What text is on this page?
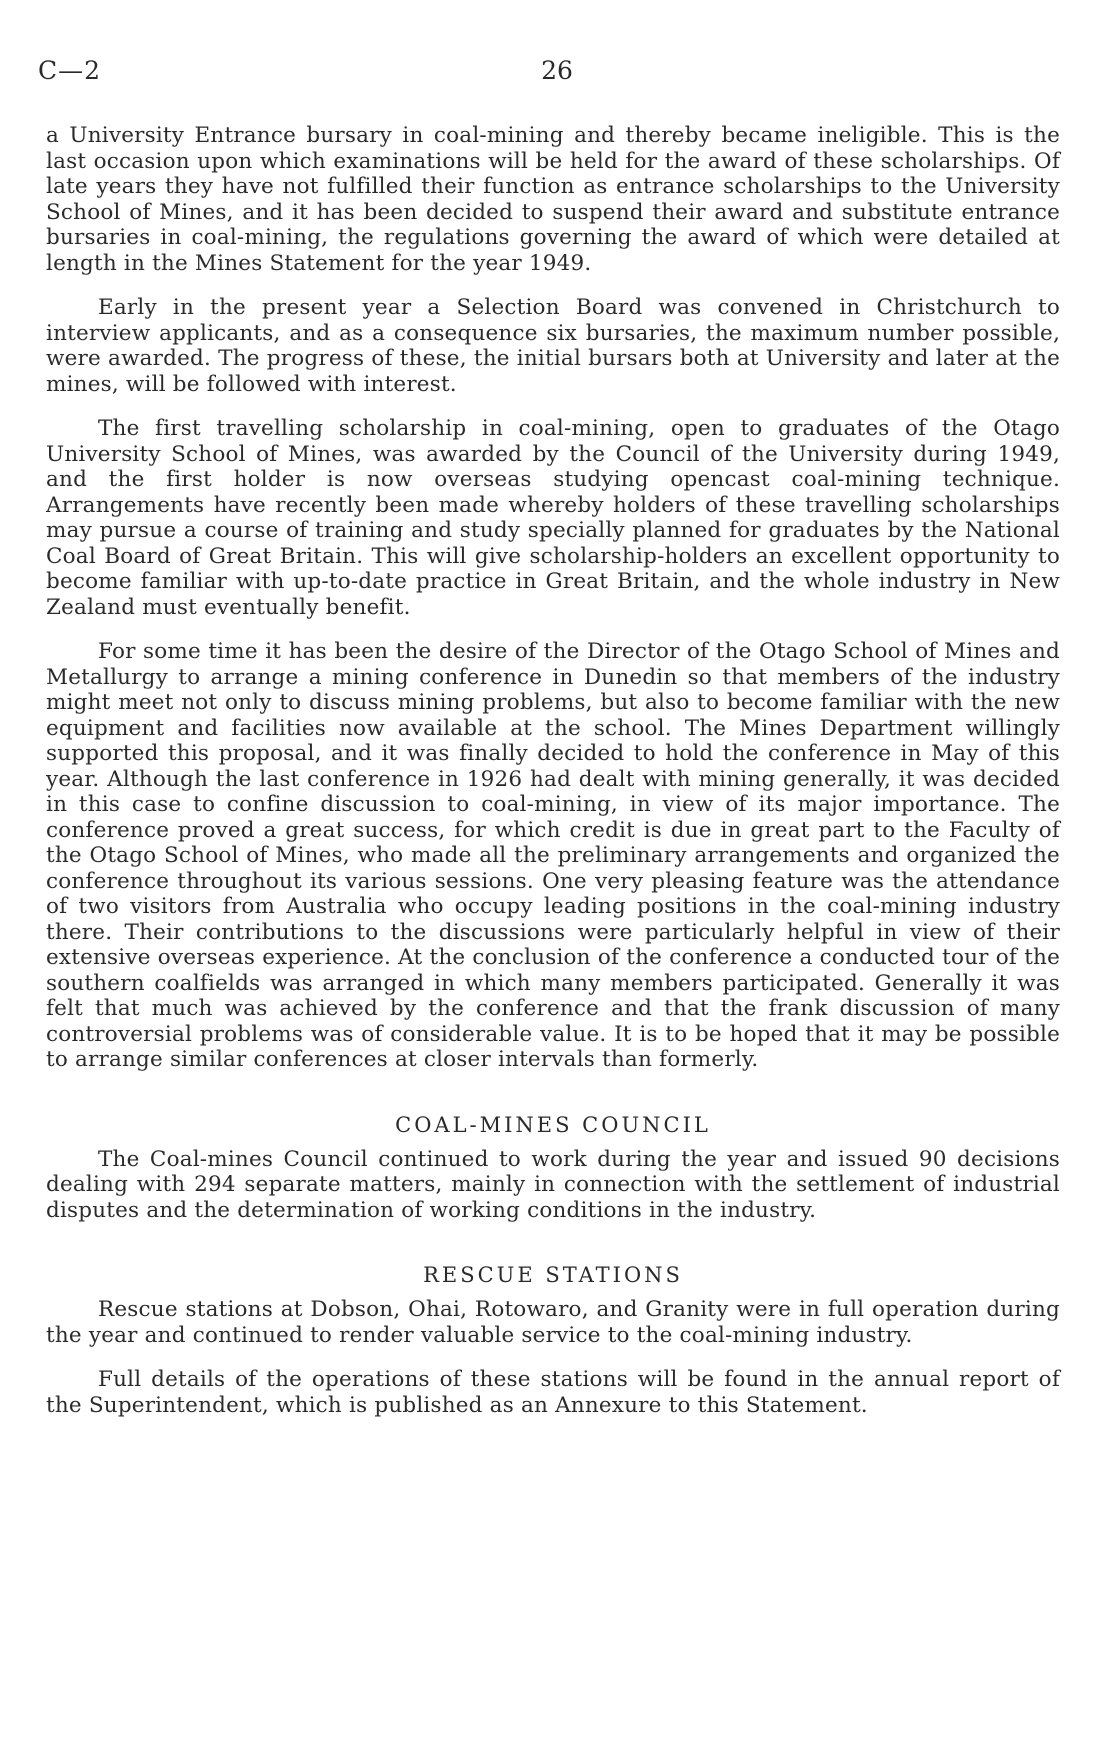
C—2	26

a University Entrance bursary in coal-mining and thereby became ineligible. This is the last occasion upon which examinations will be held for the award of these scholarships. Of late years they have not fulfilled their function as entrance scholarships to the University School of Mines, and it has been decided to suspend their award and substitute entrance bursaries in coal-mining, the regulations governing the award of which were detailed at length in the Mines Statement for the year 1949.

Early in the present year a Selection Board was convened in Christchurch to interview applicants, and as a consequence six bursaries, the maximum number possible, were awarded. The progress of these, the initial bursars both at University and later at the mines, will be followed with interest.

The first travelling scholarship in coal-mining, open to graduates of the Otago University School of Mines, was awarded by the Council of the University during 1949, and the first holder is now overseas studying opencast coal-mining technique. Arrangements have recently been made whereby holders of these travelling scholarships may pursue a course of training and study specially planned for graduates by the National Coal Board of Great Britain. This will give scholarship-holders an excellent opportunity to become familiar with up-to-date practice in Great Britain, and the whole industry in New Zealand must eventually benefit.

For some time it has been the desire of the Director of the Otago School of Mines and Metallurgy to arrange a mining conference in Dunedin so that members of the industry might meet not only to discuss mining problems, but also to become familiar with the new equipment and facilities now available at the school. The Mines Department willingly supported this proposal, and it was finally decided to hold the conference in May of this year. Although the last conference in 1926 had dealt with mining generally, it was decided in this case to confine discussion to coal-mining, in view of its major importance. The conference proved a great success, for which credit is due in great part to the Faculty of the Otago School of Mines, who made all the preliminary arrangements and organized the conference throughout its various sessions. One very pleasing feature was the attendance of two visitors from Australia who occupy leading positions in the coal-mining industry there. Their contributions to the discussions were particularly helpful in view of their extensive overseas experience. At the conclusion of the conference a conducted tour of the southern coalfields was arranged in which many members participated. Generally it was felt that much was achieved by the conference and that the frank discussion of many controversial problems was of considerable value. It is to be hoped that it may be possible to arrange similar conferences at closer intervals than formerly.

COAL-MINES COUNCIL

The Coal-mines Council continued to work during the year and issued 90 decisions dealing with 294 separate matters, mainly in connection with the settlement of industrial disputes and the determination of working conditions in the industry.

RESCUE STATIONS

Rescue stations at Dobson, Ohai, Rotowaro, and Granity were in full operation during the year and continued to render valuable service to the coal-mining industry.

Full details of the operations of these stations will be found in the annual report of the Superintendent, which is published as an Annexure to this Statement.
